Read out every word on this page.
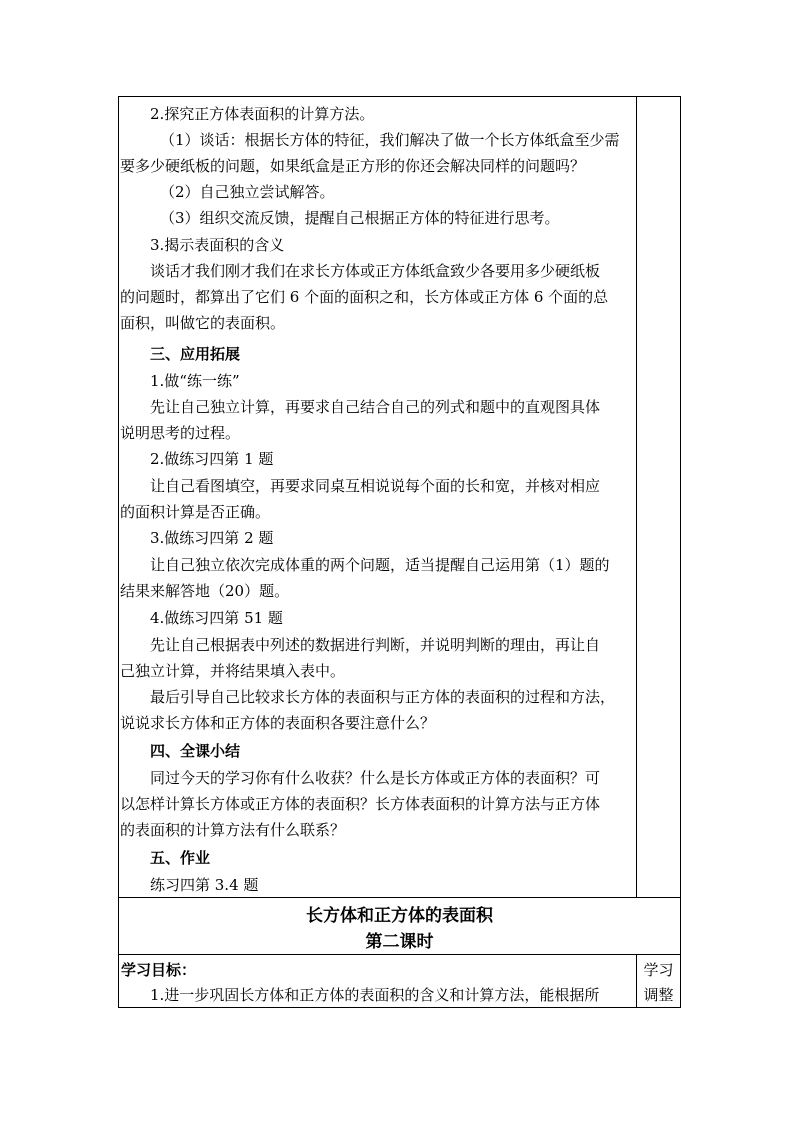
2.探究正方体表面积的计算方法。
（1）谈话：根据长方体的特征，我们解决了做一个长方体纸盒至少需
要多少硬纸板的问题，如果纸盒是正方形的你还会解决同样的问题吗？
（2）自己独立尝试解答。
（3）组织交流反馈，提醒自己根据正方体的特征进行思考。
3.揭示表面积的含义
谈话才我们刚才我们在求长方体或正方体纸盒致少各要用多少硬纸板
的问题时，都算出了它们 6 个面的面积之和，长方体或正方体 6 个面的总
面积，叫做它的表面积。
三、应用拓展
1.做“练一练”
先让自己独立计算，再要求自己结合自己的列式和题中的直观图具体
说明思考的过程。
2.做练习四第 1 题
让自己看图填空，再要求同桌互相说说每个面的长和宽，并核对相应
的面积计算是否正确。
3.做练习四第 2 题
让自己独立依次完成体重的两个问题，适当提醒自己运用第（1）题的
结果来解答地（20）题。
4.做练习四第 51 题
先让自己根据表中列述的数据进行判断，并说明判断的理由，再让自
己独立计算，并将结果填入表中。
最后引导自己比较求长方体的表面积与正方体的表面积的过程和方法，
说说求长方体和正方体的表面积各要注意什么？
四、全课小结
同过今天的学习你有什么收获？什么是长方体或正方体的表面积？可
以怎样计算长方体或正方体的表面积？长方体表面积的计算方法与正方体
的表面积的计算方法有什么联系？
五、作业
练习四第 3.4 题
长方体和正方体的表面积
第二课时
学习目标：
1.进一步巩固长方体和正方体的表面积的含义和计算方法，能根据所
学习
调整
